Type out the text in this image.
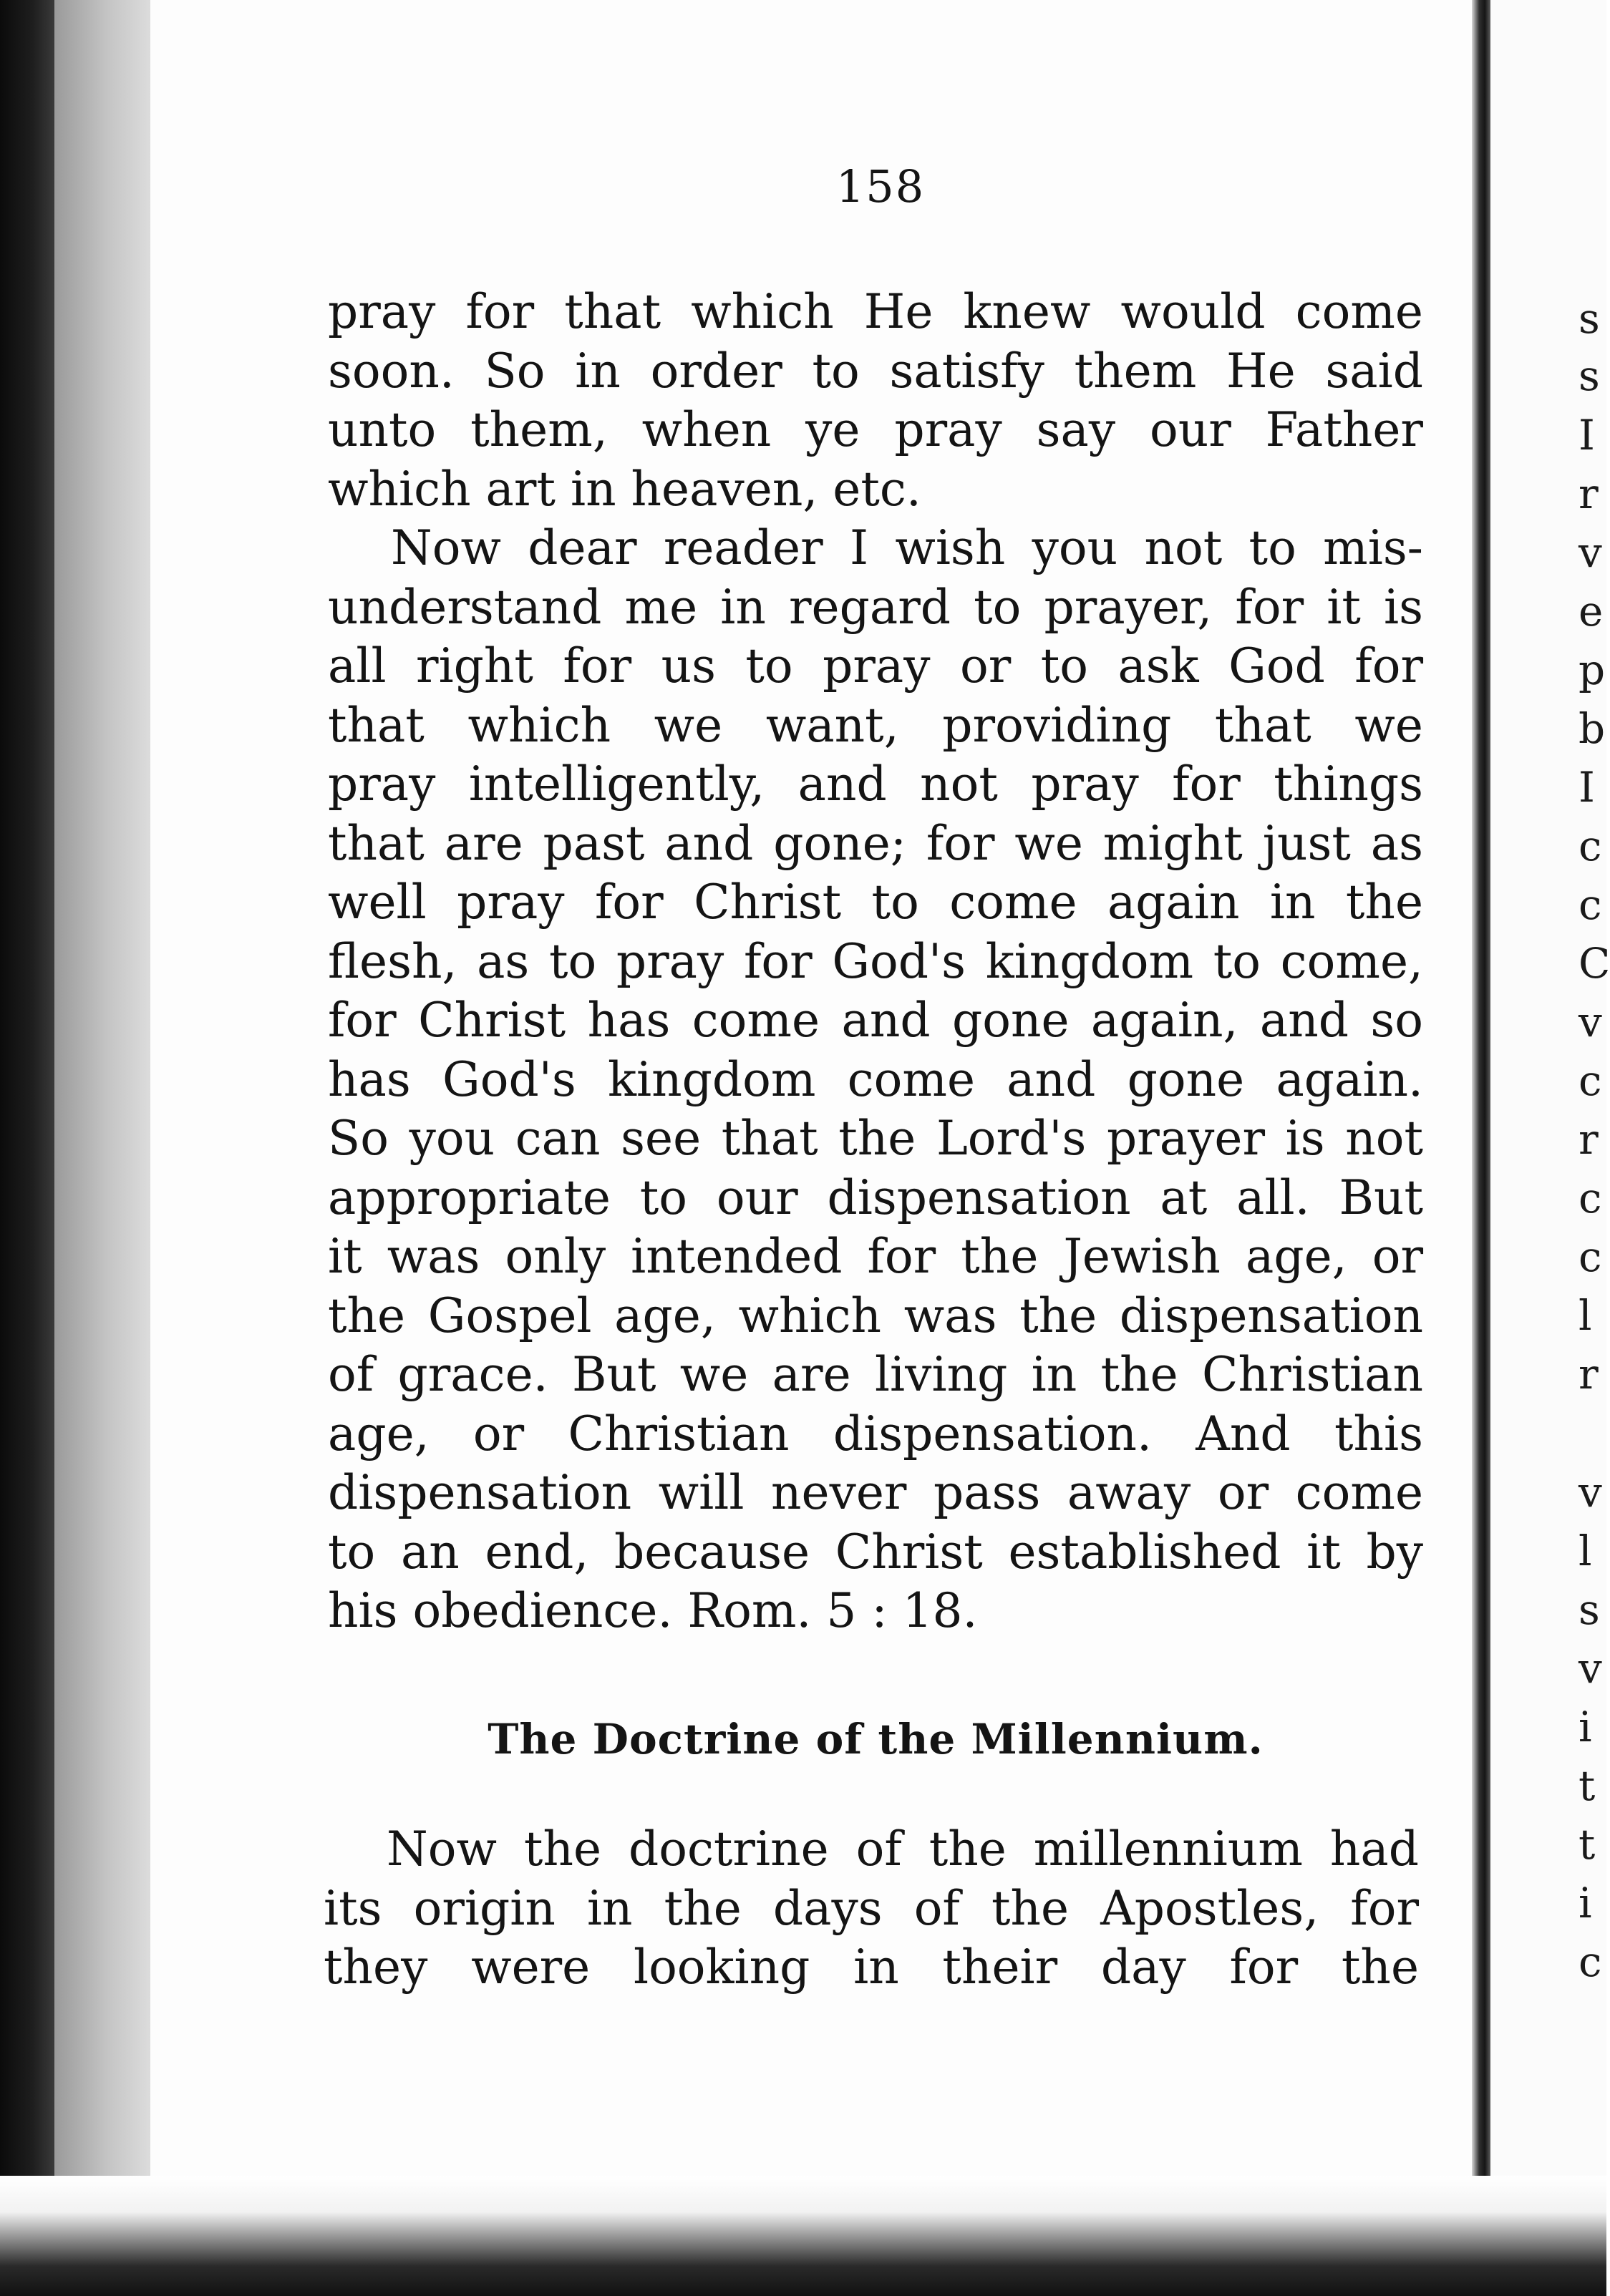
158
pray for that which He knew would come
soon. So in order to satisfy them He said
unto them, when ye pray say our Father
which art in heaven, etc.
Now dear reader I wish you not to mis-
understand me in regard to prayer, for it is
all right for us to pray or to ask God for
that which we want, providing that we
pray intelligently, and not pray for things
that are past and gone; for we might just as
well pray for Christ to come again in the
flesh, as to pray for God's kingdom to come,
for Christ has come and gone again, and so
has God's kingdom come and gone again.
So you can see that the Lord's prayer is not
appropriate to our dispensation at all. But
it was only intended for the Jewish age, or
the Gospel age, which was the dispensation
of grace. But we are living in the Christian
age, or Christian dispensation. And this
dispensation will never pass away or come
to an end, because Christ established it by
his obedience. Rom. 5 : 18.
The Doctrine of the Millennium.
Now the doctrine of the millennium had
its origin in the days of the Apostles, for
they were looking in their day for the
s
s
I
r
v
e
p
b
I
c
c
C
v
c
r
c
c
l
r
v
l
s
v
i
t
t
i
c
